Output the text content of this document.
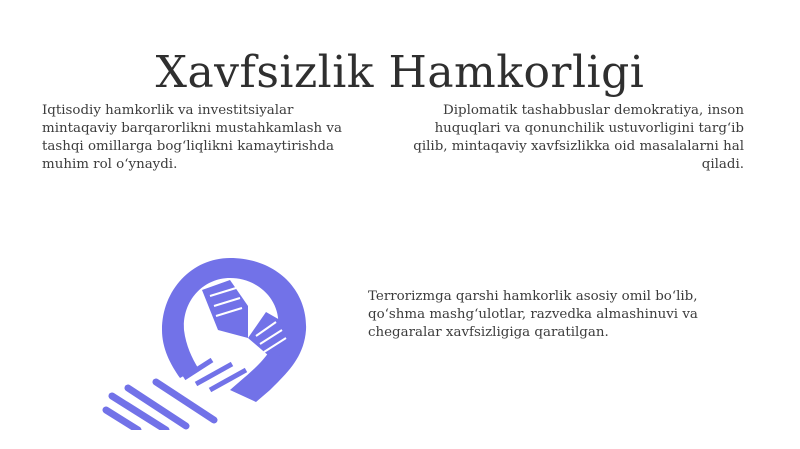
Xavfsizlik Hamkorligi

Iqtisodiy hamkorlik va investitsiyalar mintaqaviy barqarorlikni mustahkamlash va tashqi omillarga bog‘liqlikni kamaytirishda muhim rol o‘ynaydi.

Diplomatik tashabbuslar demokratiya, inson huquqlari va qonunchilik ustuvorligini targ‘ib qilib, mintaqaviy xavfsizlikka oid masalalarni hal qiladi.

Terrorizmga qarshi hamkorlik asosiy omil bo‘lib, qo‘shma mashg‘ulotlar, razvedka almashinuvi va chegaralar xavfsizligiga qaratilgan.
